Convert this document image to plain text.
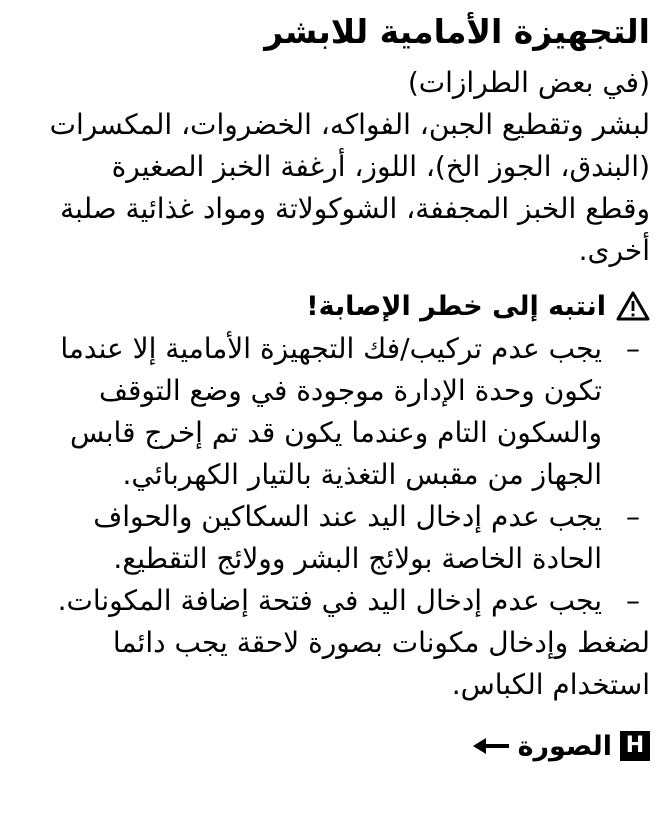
التجهيزة الأمامية للابشر
(في بعض الطرازات)
لبشر وتقطيع الجبن، الفواكه، الخضروات، المكسرات
(البندق، الجوز الخ)، اللوز، أرغفة الخبز الصغيرة
وقطع الخبز المجففة، الشوكولاتة ومواد غذائية صلبة
أخرى.
انتبه إلى خطر الإصابة!
–
يجب عدم تركيب/فك التجهيزة الأمامية إلا عندما
تكون وحدة الإدارة موجودة في وضع التوقف
والسكون التام وعندما يكون قد تم إخرج قابس
الجهاز من مقبس التغذية بالتيار الكهربائي.
–
يجب عدم إدخال اليد عند السكاكين والحواف
الحادة الخاصة بولائج البشر وولائج التقطيع.
–
يجب عدم إدخال اليد في فتحة إضافة المكونات.
لضغط وإدخال مكونات بصورة لاحقة يجب دائما
استخدام الكباس.
H
الصورة
